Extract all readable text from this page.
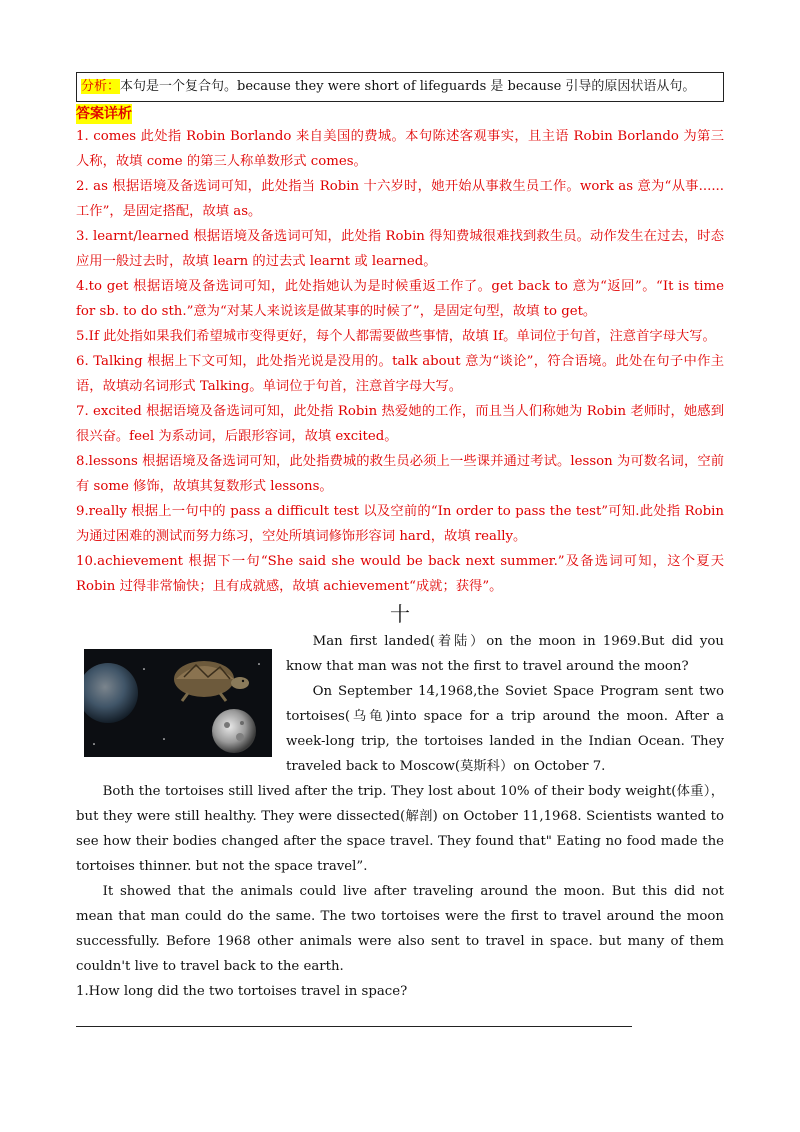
分析：本句是一个复合句。because they were short of lifeguards 是 because 引导的原因状语从句。
答案详析
1. comes 此处指 Robin Borlando 来自美国的费城。本句陈述客观事实，且主语 Robin Borlando 为第三人称，故填 come 的第三人称单数形式 comes。
2. as 根据语境及备选词可知，此处指当 Robin 十六岁时，她开始从事救生员工作。work as 意为“从事......工作”，是固定搭配，故填 as。
3. learnt/learned 根据语境及备选词可知，此处指 Robin 得知费城很难找到救生员。动作发生在过去，时态应用一般过去时，故填 learn 的过去式 learnt 或 learned。
4.to get 根据语境及备选词可知，此处指她认为是时候重返工作了。get back to 意为“返回”。“It is time for sb. to do sth.”意为“对某人来说该是做某事的时候了”，是固定句型，故填 to get。
5.If 此处指如果我们希望城市变得更好，每个人都需要做些事情，故填 If。单词位于句首，注意首字母大写。
6. Talking 根据上下文可知，此处指光说是没用的。talk about 意为“谈论”，符合语境。此处在句子中作主语，故填动名词形式 Talking。单词位于句首，注意首字母大写。
7. excited 根据语境及备选词可知，此处指 Robin 热爱她的工作，而且当人们称她为 Robin 老师时，她感到很兴奋。feel 为系动词，后跟形容词，故填 excited。
8.lessons 根据语境及备选词可知，此处指费城的救生员必须上一些课并通过考试。lesson 为可数名词，空前有 some 修饰，故填其复数形式 lessons。
9.really 根据上一句中的 pass a difficult test 以及空前的“In order to pass the test”可知.此处指 Robin 为通过困难的测试而努力练习，空处所填词修饰形容词 hard，故填 really。
10.achievement 根据下一句“She said she would be back next summer.”及备选词可知，这个夏天 Robin 过得非常愉快；且有成就感，故填 achievement“成就；获得”。
十

Man first landed(着陆）on the moon in 1969.But did you know that man was not the first to travel around the moon?

On September 14,1968,the Soviet Space Program sent two tortoises(乌龟)into space for a trip around the moon. After a week-long trip, the tortoises landed in the Indian Ocean. They traveled back to Moscow(莫斯科）on October 7.

Both the tortoises still lived after the trip. They lost about 10% of their body weight(体重），but they were still healthy. They were dissected(解剖) on October 11,1968. Scientists wanted to see how their bodies changed after the space travel. They found that" Eating no food made the tortoises thinner. but not the space travel”.

It showed that the animals could live after traveling around the moon. But this did not mean that man could do the same. The two tortoises were the first to travel around the moon successfully. Before 1968 other animals were also sent to travel in space. but many of them couldn't live to travel back to the earth.

1.How long did the two tortoises travel in space?
